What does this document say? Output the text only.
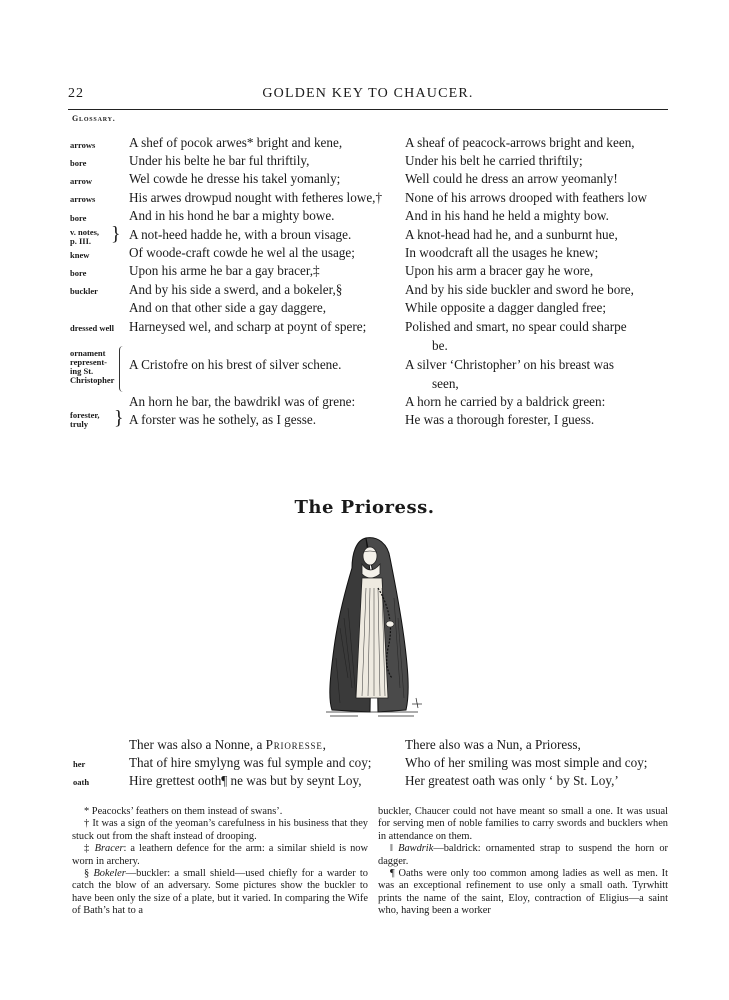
22	GOLDEN KEY TO CHAUCER.
Glossary.
arrows
bore
arrow
arrows
bore
v. notes,
p. III. }
knew
bore
buckler
dressed well
ornament
represent-
ing St.
Christopher
forester,
truly }
A shef of pocok arwes* bright and kene,
Under his belte he bar ful thriftily,
Wel cowde he dresse his takel yomanly;
His arwes drowpud nought with fetheres lowe,†
And in his hond he bar a mighty bowe.
A not-heed hadde he, with a broun visage.
Of woode-craft cowde he wel al the usage;
Upon his arme he bar a gay bracer,‡
And by his side a swerd, and a bokeler,§
And on that other side a gay daggere,
Harneysed wel, and scharp at poynt of spere;
A Cristofre on his brest of silver schene.
An horn he bar, the bawdrik‖ was of grene:
A forster was he sothely, as I gesse.
A sheaf of peacock-arrows bright and keen,
Under his belt he carried thriftily;
Well could he dress an arrow yeomanly!
None of his arrows drooped with feathers low
And in his hand he held a mighty bow.
A knot-head had he, and a sunburnt hue,
In woodcraft all the usages he knew;
Upon his arm a bracer gay he wore,
And by his side buckler and sword he bore,
While opposite a dagger dangled free;
Polished and smart, no spear could sharpe
be.
A silver ‘Christopher’ on his breast was
seen,
A horn he carried by a baldrick green:
He was a thorough forester, I guess.
The Prioress.
Ther was also a Nonne, a Prioresse,
That of hire smylyng was ful symple and coy;
Hire grettest ooth¶ ne was but by seynt Loy,
her
oath
There also was a Nun, a Prioress,
Who of her smiling was most simple and coy;
Her greatest oath was only ‘ by St. Loy,’

* Peacocks’ feathers on them instead of swans’.

† It was a sign of the yeoman’s carefulness in his business that they stuck out from the shaft instead of drooping.

‡ Bracer: a leathern defence for the arm: a similar shield is now worn in archery.

§ Bokeler—buckler: a small shield—used chiefly for a warder to catch the blow of an adversary. Some pictures show the buckler to have been only the size of a plate, but it varied. In comparing the Wife of Bath’s hat to a

buckler, Chaucer could not have meant so small a one. It was usual for serving men of noble families to carry swords and bucklers when in attendance on them.

‖ Bawdrik—baldrick: ornamented strap to suspend the horn or dagger.

¶ Oaths were only too common among ladies as well as men. It was an exceptional refinement to use only a small oath. Tyrwhitt prints the name of the saint, Eloy, contraction of Eligius—a saint who, having been a worker
